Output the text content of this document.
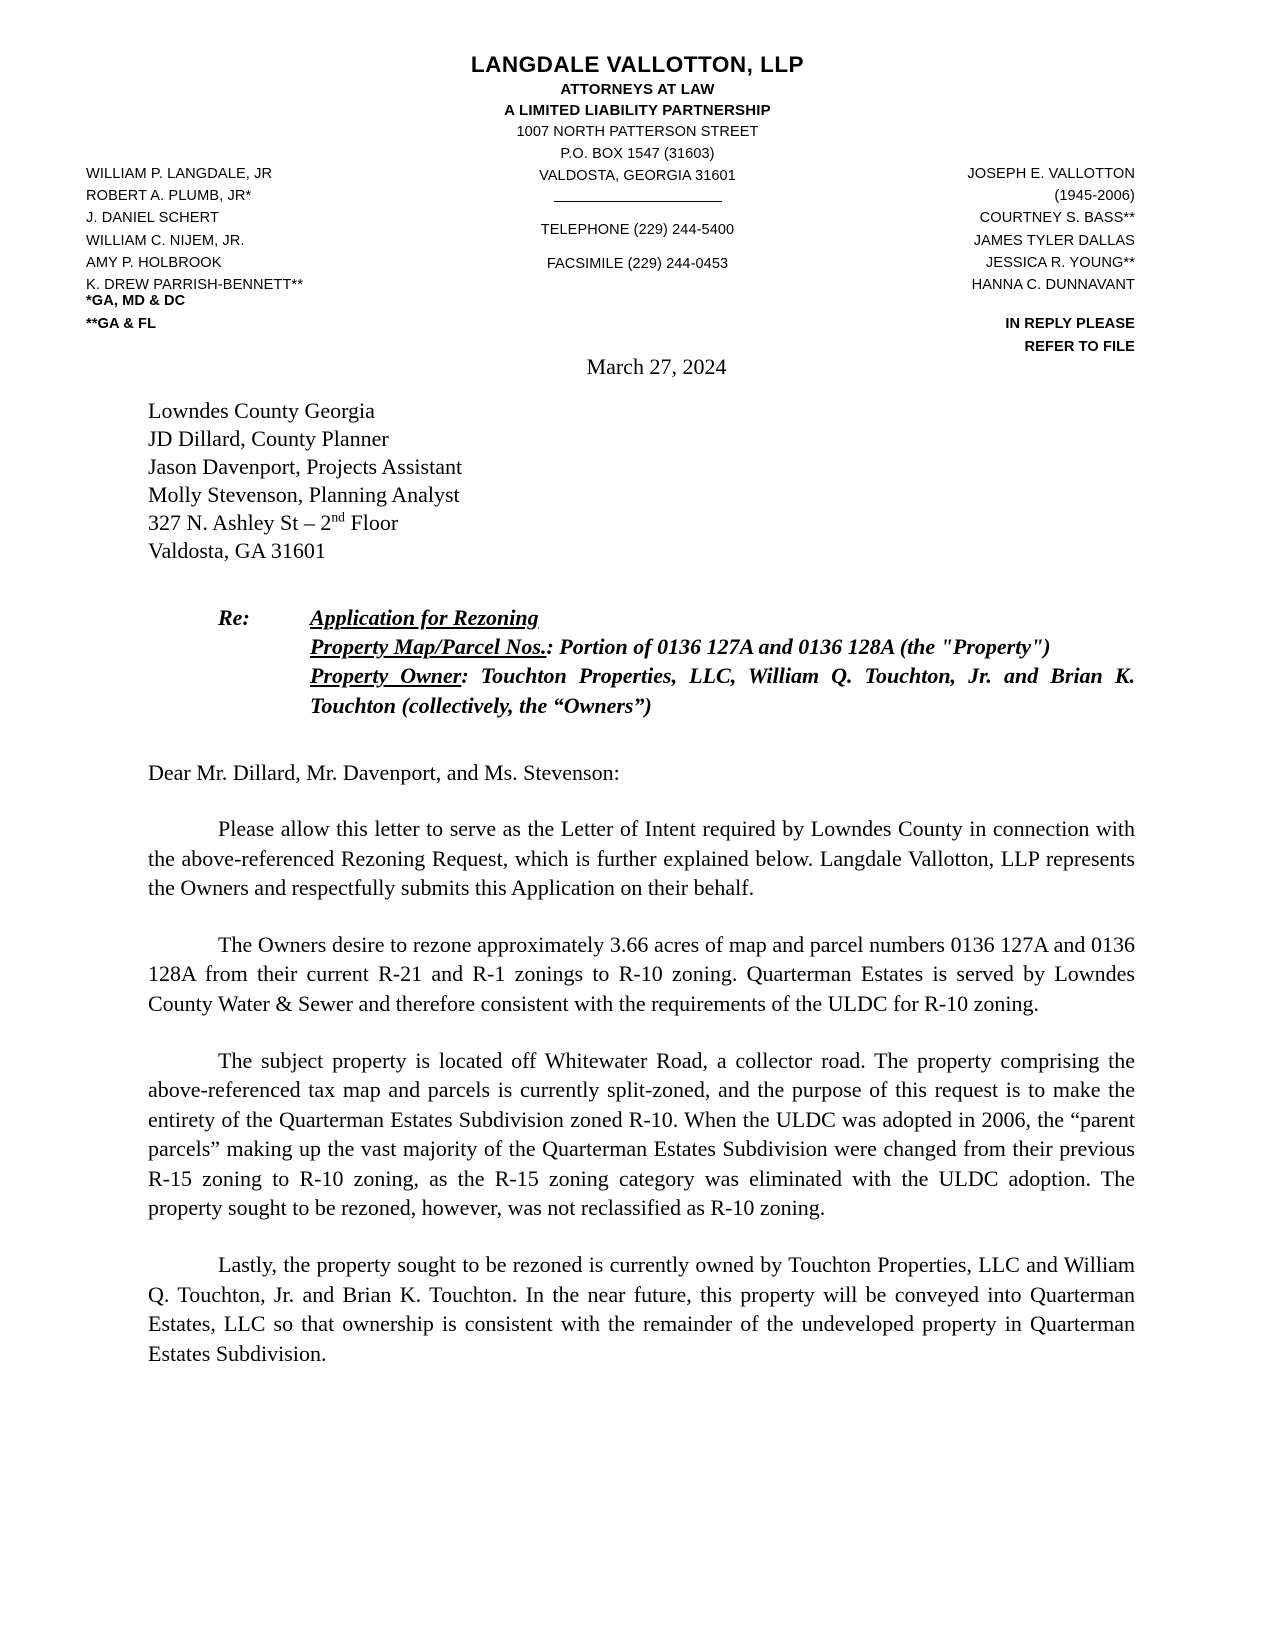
LANGDALE VALLOTTON, LLP
ATTORNEYS AT LAW
A LIMITED LIABILITY PARTNERSHIP
1007 NORTH PATTERSON STREET
P.O. BOX 1547 (31603)
VALDOSTA, GEORGIA 31601
TELEPHONE (229) 244-5400
FACSIMILE (229) 244-0453
WILLIAM P. LANGDALE, JR
ROBERT A. PLUMB, JR*
J. DANIEL SCHERT
WILLIAM C. NIJEM, JR.
AMY P. HOLBROOK
K. DREW PARRISH-BENNETT**
JOSEPH E. VALLOTTON
(1945-2006)
COURTNEY S. BASS**
JAMES TYLER DALLAS
JESSICA R. YOUNG**
HANNA C. DUNNAVANT
*GA, MD & DC
**GA & FL	IN REPLY PLEASE
REFER TO FILE
March 27, 2024
Lowndes County Georgia
JD Dillard, County Planner
Jason Davenport, Projects Assistant
Molly Stevenson, Planning Analyst
327 N. Ashley St – 2nd Floor
Valdosta, GA 31601
Re:	Application for Rezoning

Property Map/Parcel Nos.: Portion of 0136 127A and 0136 128A (the "Property")

Property Owner: Touchton Properties, LLC, William Q. Touchton, Jr. and Brian K. Touchton (collectively, the “Owners”)

Dear Mr. Dillard, Mr. Davenport, and Ms. Stevenson:
Please allow this letter to serve as the Letter of Intent required by Lowndes County in connection with the above-referenced Rezoning Request, which is further explained below. Langdale Vallotton, LLP represents the Owners and respectfully submits this Application on their behalf.
The Owners desire to rezone approximately 3.66 acres of map and parcel numbers 0136 127A and 0136 128A from their current R-21 and R-1 zonings to R-10 zoning. Quarterman Estates is served by Lowndes County Water & Sewer and therefore consistent with the requirements of the ULDC for R-10 zoning.
The subject property is located off Whitewater Road, a collector road. The property comprising the above-referenced tax map and parcels is currently split-zoned, and the purpose of this request is to make the entirety of the Quarterman Estates Subdivision zoned R-10. When the ULDC was adopted in 2006, the “parent parcels” making up the vast majority of the Quarterman Estates Subdivision were changed from their previous R-15 zoning to R-10 zoning, as the R-15 zoning category was eliminated with the ULDC adoption. The property sought to be rezoned, however, was not reclassified as R-10 zoning.
Lastly, the property sought to be rezoned is currently owned by Touchton Properties, LLC and William Q. Touchton, Jr. and Brian K. Touchton. In the near future, this property will be conveyed into Quarterman Estates, LLC so that ownership is consistent with the remainder of the undeveloped property in Quarterman Estates Subdivision.
